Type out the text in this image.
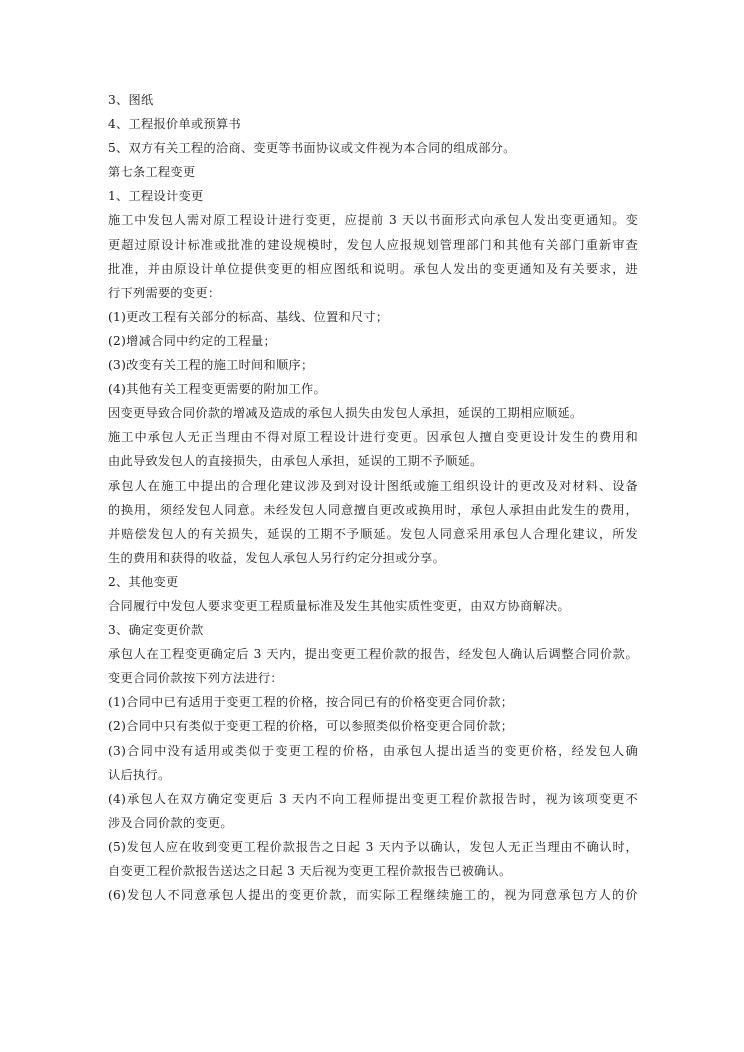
3、图纸
4、工程报价单或预算书
5、双方有关工程的洽商、变更等书面协议或文件视为本合同的组成部分。
第七条工程变更
1、工程设计变更
施工中发包人需对原工程设计进行变更，应提前 3 天以书面形式向承包人发出变更通知。变
更超过原设计标准或批准的建设规模时，发包人应报规划管理部门和其他有关部门重新审查
批准，并由原设计单位提供变更的相应图纸和说明。承包人发出的变更通知及有关要求，进
行下列需要的变更：
(1)更改工程有关部分的标高、基线、位置和尺寸；
(2)增减合同中约定的工程量；
(3)改变有关工程的施工时间和顺序；
(4)其他有关工程变更需要的附加工作。
因变更导致合同价款的增减及造成的承包人损失由发包人承担，延误的工期相应顺延。
施工中承包人无正当理由不得对原工程设计进行变更。因承包人擅自变更设计发生的费用和
由此导致发包人的直接损失，由承包人承担，延误的工期不予顺延。
承包人在施工中提出的合理化建议涉及到对设计图纸或施工组织设计的更改及对材料、设备
的换用，须经发包人同意。未经发包人同意擅自更改或换用时，承包人承担由此发生的费用，
并赔偿发包人的有关损失，延误的工期不予顺延。发包人同意采用承包人合理化建议，所发
生的费用和获得的收益，发包人承包人另行约定分担或分享。
2、其他变更
合同履行中发包人要求变更工程质量标准及发生其他实质性变更，由双方协商解决。
3、确定变更价款
承包人在工程变更确定后 3 天内，提出变更工程价款的报告，经发包人确认后调整合同价款。
变更合同价款按下列方法进行：
(1)合同中已有适用于变更工程的价格，按合同已有的价格变更合同价款；
(2)合同中只有类似于变更工程的价格，可以参照类似价格变更合同价款；
(3)合同中没有适用或类似于变更工程的价格，由承包人提出适当的变更价格，经发包人确
认后执行。
(4)承包人在双方确定变更后 3 天内不向工程师提出变更工程价款报告时，视为该项变更不
涉及合同价款的变更。
(5)发包人应在收到变更工程价款报告之日起 3 天内予以确认，发包人无正当理由不确认时，
自变更工程价款报告送达之日起 3 天后视为变更工程价款报告已被确认。
(6)发包人不同意承包人提出的变更价款，而实际工程继续施工的，视为同意承包方人的价
